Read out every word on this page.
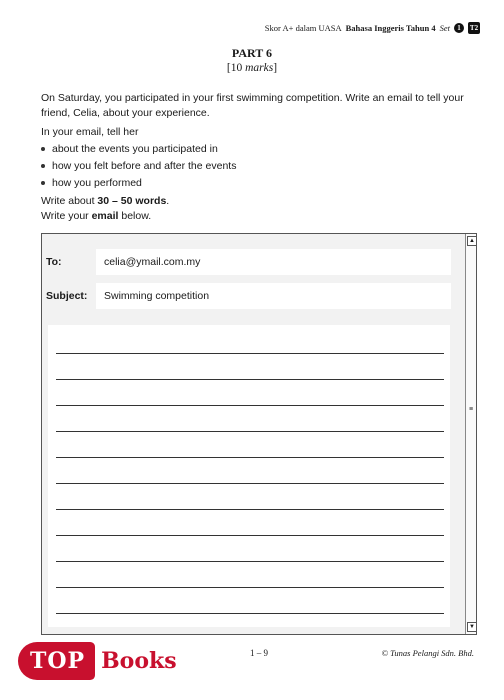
Skor A+ dalam UASA Bahasa Inggeris Tahun 4 Set	1	T2
PART 6
[10 marks]
On Saturday, you participated in your first swimming competition. Write an email to tell your friend, Celia, about your experience.
In your email, tell her
about the events you participated in
how you felt before and after the events
how you performed
Write about 30 – 50 words.
Write your email below.
To:	celia@ymail.com.my
Subject:	Swimming competition
▲
≡
▼
1 – 9	© Tunas Pelangi Sdn. Bhd.
TOP Books
